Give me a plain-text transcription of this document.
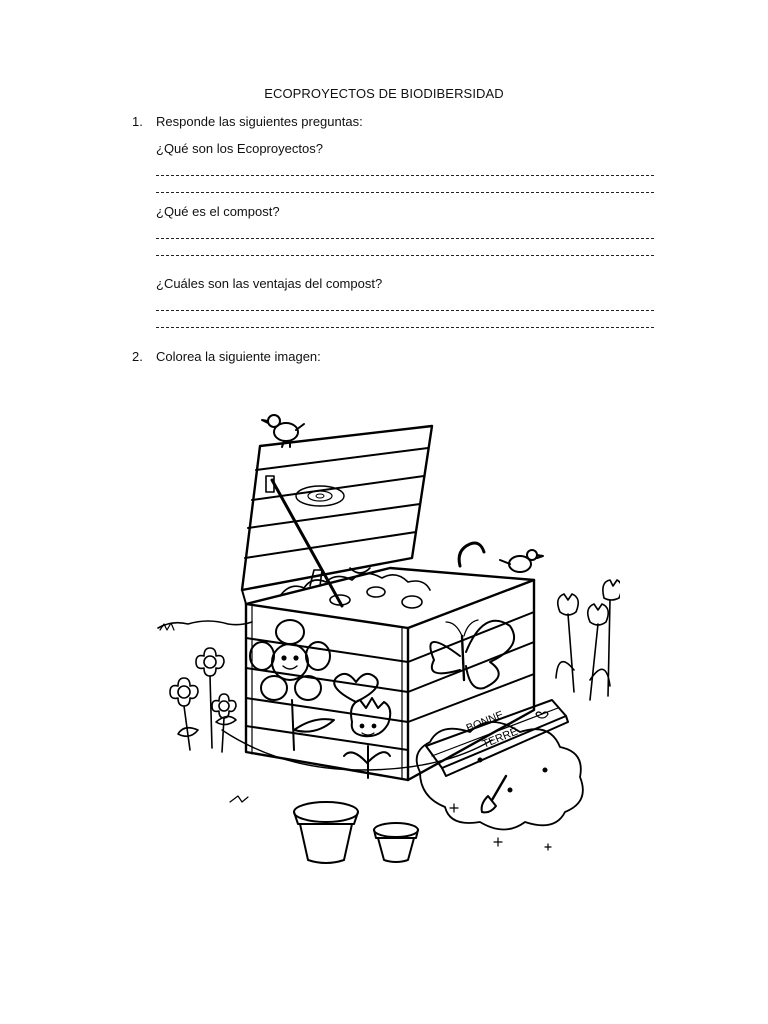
ECOPROYECTOS DE BIODIBERSIDAD
1. Responde las siguientes preguntas:
¿Qué son los Ecoproyectos?
¿Qué es el compost?
¿Cuáles son las ventajas del compost?
2. Colorea la siguiente imagen:
BONNE
TERRE
